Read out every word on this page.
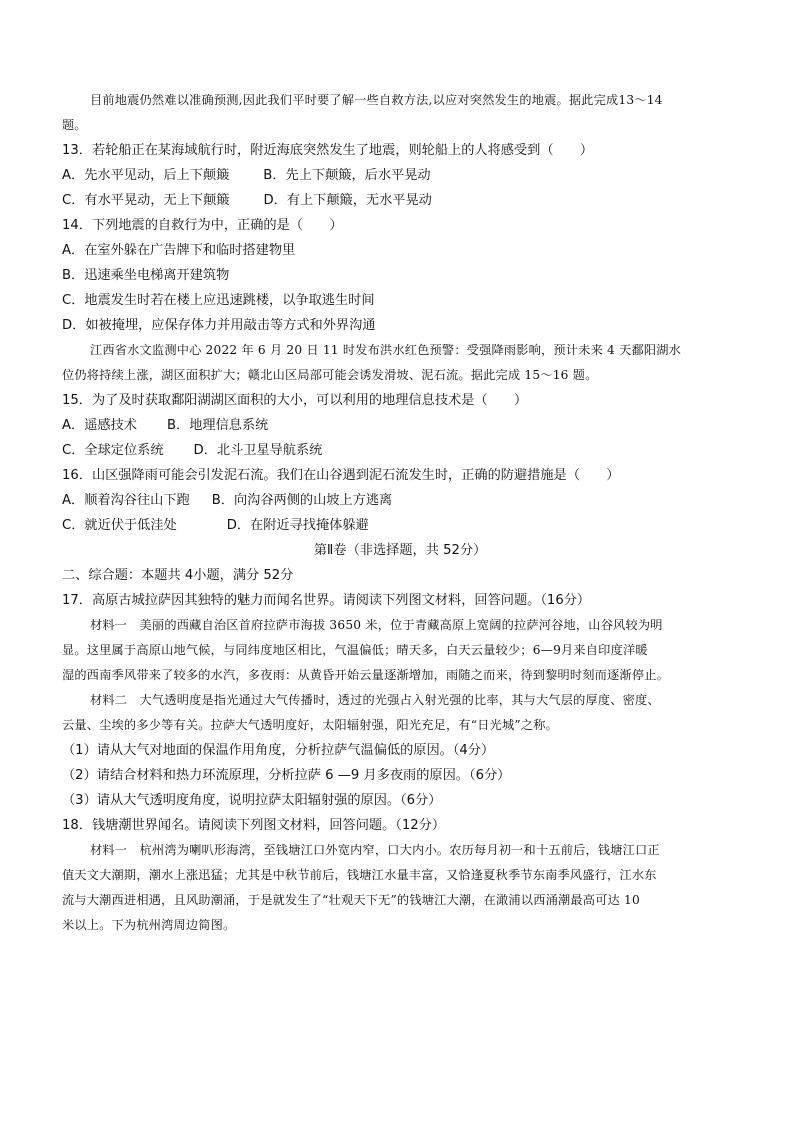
目前地震仍然难以准确预测,因此我们平时要了解一些自救方法,以应对突然发生的地震。据此完成13～14
题。
13．若轮船正在某海域航行时，附近海底突然发生了地震，则轮船上的人将感受到（　　）
A．先水平见动，后上下颠簸	B．先上下颠簸，后水平晃动
C．有水平晃动，无上下颠簸	D．有上下颠簸，无水平晃动
14．下列地震的自救行为中，正确的是（　　）
A．在室外躲在广告牌下和临时搭建物里
B．迅速乘坐电梯离开建筑物
C．地震发生时若在楼上应迅速跳楼，以争取逃生时间
D．如被掩埋，应保存体力并用敲击等方式和外界沟通
江西省水文监测中心 2022 年 6 月 20 日 11 时发布洪水红色预警：受强降雨影响，预计未来 4 天鄱阳湖水
位仍将持续上涨，湖区面积扩大；赣北山区局部可能会诱发滑坡、泥石流。据此完成 15～16 题。
15．为了及时获取鄱阳湖湖区面积的大小，可以利用的地理信息技术是（　　）
A．遥感技术 B．地理信息系统
C．全球定位系统 D．北斗卫星导航系统
16．山区强降雨可能会引发泥石流。我们在山谷遇到泥石流发生时，正确的防避措施是（　　）
A．顺着沟谷往山下跑 B．向沟谷两侧的山坡上方逃离
C．就近伏于低洼处	D．在附近寻找掩体躲避
第Ⅱ卷（非选择题，共 52分）
二、综合题：本题共 4小题，满分 52分
17．高原古城拉萨因其独特的魅力而闻名世界。请阅读下列图文材料，回答问题。（16分）
材料一　美丽的西藏自治区首府拉萨市海拔 3650 米，位于青藏高原上宽阔的拉萨河谷地，山谷风较为明
显。这里属于高原山地气候，与同纬度地区相比，气温偏低；晴天多，白天云量较少；6—9月来自印度洋暖
湿的西南季风带来了较多的水汽，多夜雨：从黄昏开始云量逐渐增加，雨随之而来，待到黎明时刻而逐渐停止。
材料二　大气透明度是指光通过大气传播时，透过的光强占入射光强的比率，其与大气层的厚度、密度、
云量、尘埃的多少等有关。拉萨大气透明度好，太阳辐射强，阳光充足，有“日光城”之称。
（1）请从大气对地面的保温作用角度，分析拉萨气温偏低的原因。（4分）
（2）请结合材料和热力环流原理，分析拉萨 6 —9 月多夜雨的原因。（6分）
（3）请从大气透明度角度，说明拉萨太阳辐射强的原因。（6分）
18．钱塘潮世界闻名。请阅读下列图文材料，回答问题。（12分）
材料一　杭州湾为喇叭形海湾，至钱塘江口外宽内窄，口大内小。农历每月初一和十五前后，钱塘江口正
值天文大潮期，潮水上涨迅猛；尤其是中秋节前后，钱塘江水量丰富，又恰逢夏秋季节东南季风盛行，江水东
流与大潮西进相遇，且风助潮涌，于是就发生了“壮观天下无”的钱塘江大潮，在澉浦以西涌潮最高可达 10
米以上。下为杭州湾周边简图。
